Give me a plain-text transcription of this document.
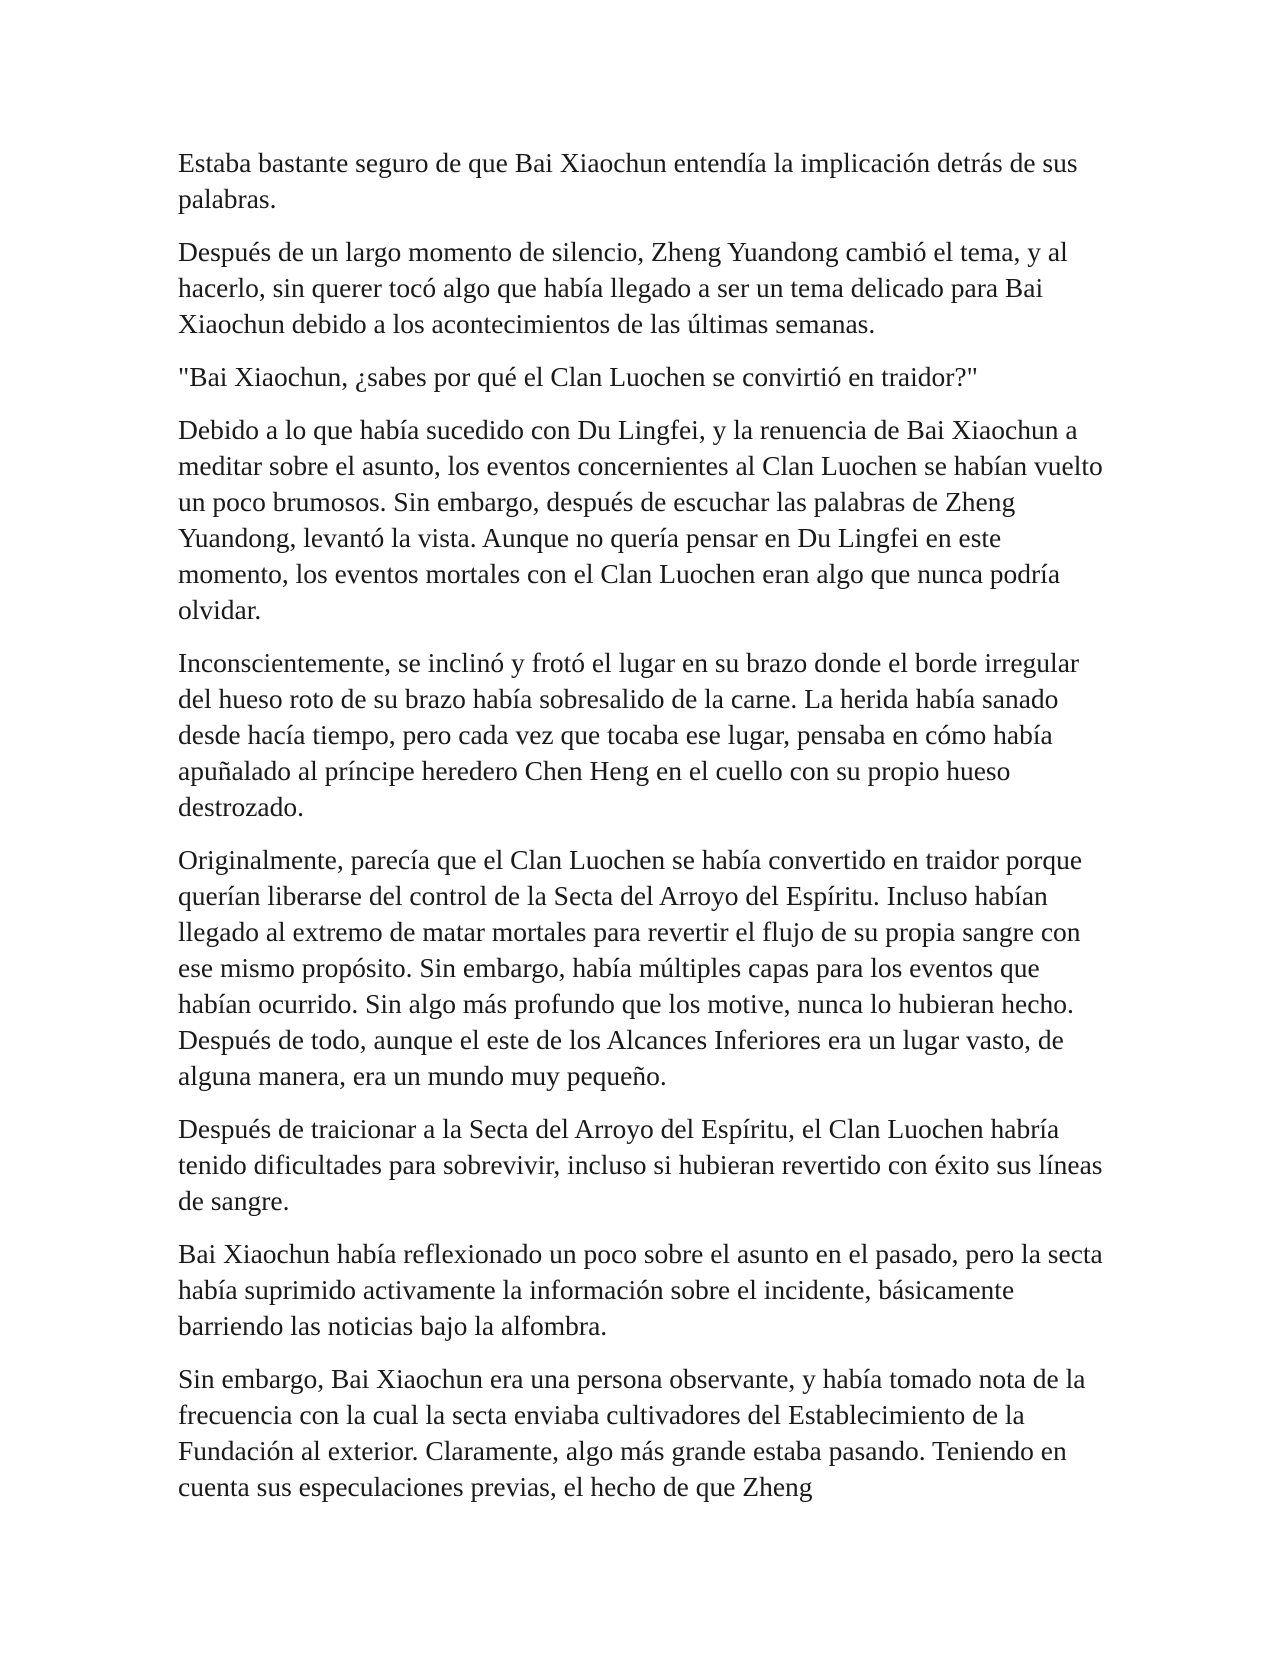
Estaba bastante seguro de que Bai Xiaochun entendía la implicación detrás de sus palabras.

Después de un largo momento de silencio, Zheng Yuandong cambió el tema, y al hacerlo, sin querer tocó algo que había llegado a ser un tema delicado para Bai Xiaochun debido a los acontecimientos de las últimas semanas.

"Bai Xiaochun, ¿sabes por qué el Clan Luochen se convirtió en traidor?"

Debido a lo que había sucedido con Du Lingfei, y la renuencia de Bai Xiaochun a meditar sobre el asunto, los eventos concernientes al Clan Luochen se habían vuelto un poco brumosos. Sin embargo, después de escuchar las palabras de Zheng Yuandong, levantó la vista. Aunque no quería pensar en Du Lingfei en este momento, los eventos mortales con el Clan Luochen eran algo que nunca podría olvidar.

Inconscientemente, se inclinó y frotó el lugar en su brazo donde el borde irregular del hueso roto de su brazo había sobresalido de la carne. La herida había sanado desde hacía tiempo, pero cada vez que tocaba ese lugar, pensaba en cómo había apuñalado al príncipe heredero Chen Heng en el cuello con su propio hueso destrozado.

Originalmente, parecía que el Clan Luochen se había convertido en traidor porque querían liberarse del control de la Secta del Arroyo del Espíritu. Incluso habían llegado al extremo de matar mortales para revertir el flujo de su propia sangre con ese mismo propósito. Sin embargo, había múltiples capas para los eventos que habían ocurrido. Sin algo más profundo que los motive, nunca lo hubieran hecho. Después de todo, aunque el este de los Alcances Inferiores era un lugar vasto, de alguna manera, era un mundo muy pequeño.

Después de traicionar a la Secta del Arroyo del Espíritu, el Clan Luochen habría tenido dificultades para sobrevivir, incluso si hubieran revertido con éxito sus líneas de sangre.

Bai Xiaochun había reflexionado un poco sobre el asunto en el pasado, pero la secta había suprimido activamente la información sobre el incidente, básicamente barriendo las noticias bajo la alfombra.

Sin embargo, Bai Xiaochun era una persona observante, y había tomado nota de la frecuencia con la cual la secta enviaba cultivadores del Establecimiento de la Fundación al exterior. Claramente, algo más grande estaba pasando. Teniendo en cuenta sus especulaciones previas, el hecho de que Zheng
